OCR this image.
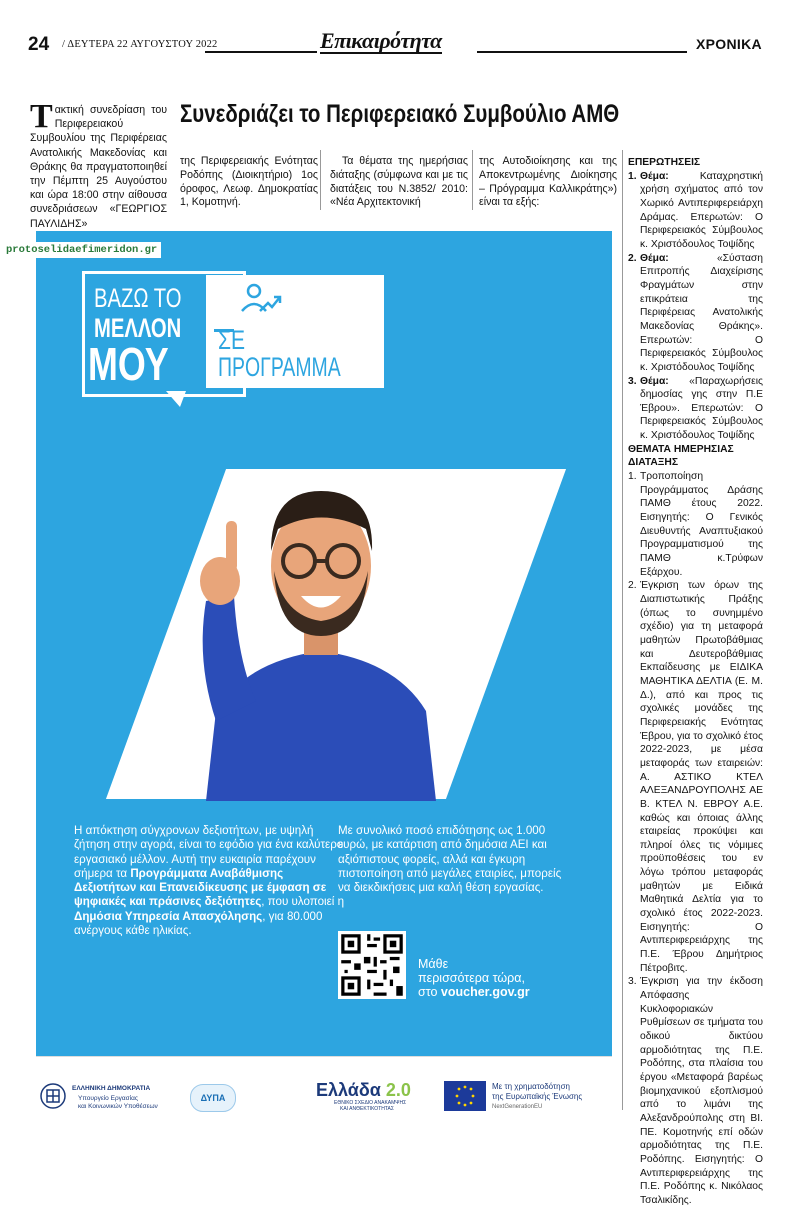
24 / ΔΕΥΤΕΡΑ 22 ΑΥΓΟΥΣΤΟΥ 2022	Επικαιρότητα	ΧΡΟΝΙΚΑ
Τακτική συνεδρίαση του Περιφερειακού Συμβουλίου της Περιφέρειας Ανατολικής Μακεδονίας και Θράκης θα πραγματοποιηθεί την Πέμπτη 25 Αυγούστου και ώρα 18:00 στην αίθουσα συνεδριάσεων «ΓΕΩΡΓΙΟΣ ΠΑΥΛΙΔΗΣ»
Συνεδριάζει το Περιφερειακό Συμβούλιο ΑΜΘ
της Περιφερειακής Ενότητας Ροδόπης (Διοικητήριο) 1ος όροφος, Λεωφ. Δημοκρατίας 1, Κομοτηνή.
Τα θέματα της ημερήσιας διάταξης (σύμφωνα και με τις διατάξεις του Ν.3852/ 2010: «Νέα Αρχιτεκτονική
της Αυτοδιοίκησης και της Αποκεντρωμένης Διοίκησης – Πρόγραμμα Καλλικράτης») είναι τα εξής:
ΕΠΕΡΩΤΗΣΕΙΣ
1. Θέμα:	Καταχρηστική χρήση σχήματος από τον Χωρικό Αντιπεριφερειάρχη Δράμας. Επερωτών: Ο Περιφερειακός Σύμβουλος κ. Χριστόδουλος Τοψίδης
2. Θέμα:	«Σύσταση Επιτροπής Διαχείρισης Φραγμάτων στην επικράτεια της Περιφέρειας Ανατολικής Μακεδονίας Θράκης». Επερωτών: Ο Περιφερειακός Σύμβουλος κ. Χριστόδουλος Τοψίδης
3. Θέμα: «Παραχωρήσεις δημοσίας γης στην Π.Ε Έβρου». Επερωτών: Ο Περιφερειακός Σύμβουλος κ. Χριστόδουλος Τοψίδης
ΘΕΜΑΤΑ ΗΜΕΡΗΣΙΑΣ ΔΙΑΤΑΞΗΣ
1. Τροποποίηση Προγράμματος Δράσης ΠΑΜΘ έτους 2022. Εισηγητής: Ο Γενικός Διευθυντής Αναπτυξιακού Προγραμματισμού της ΠΑΜΘ κ.Τρύφων Εξάρχου.
2. Έγκριση των όρων της Διαπιστωτικής Πράξης (όπως το συνημμένο σχέδιο) για τη μεταφορά μαθητών Πρωτοβάθμιας και Δευτεροβάθμιας Εκπαίδευσης με ΕΙΔΙΚΑ ΜΑΘΗΤΙΚΑ ΔΕΛΤΙΑ (Ε. Μ. Δ.), από και προς τις σχολικές μονάδες της Περιφερειακής Ενότητας Έβρου, για το σχολικό έτος 2022-2023, με μέσα μεταφοράς των εταιρειών: Α. ΑΣΤΙΚΟ ΚΤΕΛ ΑΛΕΞΑΝΔΡΟΥΠΟΛΗΣ ΑΕ Β. ΚΤΕΛ Ν. ΕΒΡΟΥ Α.Ε. καθώς και όποιας άλλης εταιρείας προκύψει και πληροί όλες τις νόμιμες προϋποθέσεις του εν λόγω τρόπου μεταφοράς μαθητών με Ειδικά Μαθητικά Δελτία για το σχολικό έτος 2022-2023. Εισηγητής: Ο Αντιπεριφερειάρχης της Π.Ε. Έβρου Δημήτριος Πέτροβιτς.
3. Έγκριση για την έκδοση Απόφασης Κυκλοφοριακών Ρυθμίσεων σε τμήματα του οδικού δικτύου αρμοδιότητας της Π.Ε. Ροδόπης, στα πλαίσια του έργου «Μεταφορά βαρέως βιομηχανικού εξοπλισμού από το λιμάνι της Αλεξανδρούπολης στη ΒΙ. ΠΕ. Κομοτηνής επί οδών αρμοδιότητας της Π.Ε. Ροδόπης. Εισηγητής: Ο Αντιπεριφερειάρχης της Π.Ε. Ροδόπης κ. Νικόλαος Τσαλικίδης.
ΒΑΖΩ ΤΟ
ΜΕΛΛΟΝ
ΜΟΥ ΣΕ
ΠΡΟΓΡΑΜΜΑ
Η απόκτηση σύγχρονων δεξιοτήτων, με υψηλή ζήτηση στην αγορά, είναι το εφόδιο για ένα καλύτερο εργασιακό μέλλον. Αυτή την ευκαιρία παρέχουν σήμερα τα Προγράμματα Αναβάθμισης Δεξιοτήτων και Επανειδίκευσης με έμφαση σε ψηφιακές και πράσινες δεξιότητες, που υλοποιεί η Δημόσια Υπηρεσία Απασχόλησης, για 80.000 ανέργους κάθε ηλικίας.
Με συνολικό ποσό επιδότησης ως 1.000 ευρώ, με κατάρτιση από δημόσια ΑΕΙ και αξιόπιστους φορείς, αλλά και έγκυρη πιστοποίηση από μεγάλες εταιρίες, μπορείς να διεκδικήσεις μια καλή θέση εργασίας.
Μάθε
περισσότερα τώρα,
στο voucher.gov.gr
protoselidaefimeridon.gr
ΕΛΛΗΝΙΚΗ ΔΗΜΟΚΡΑΤΙΑ
Υπουργείο Εργασίας
και Κοινωνικών Υποθέσεων
ΔΥΠΑ	Ελλάδα 2.0
ΕΘΝΙΚΟ ΣΧΕΔΙΟ ΑΝΑΚΑΜΨΗΣ
ΚΑΙ ΑΝΘΕΚΤΙΚΟΤΗΤΑΣ
Με τη χρηματοδότηση
της Ευρωπαϊκής Ένωσης
NextGenerationEU
